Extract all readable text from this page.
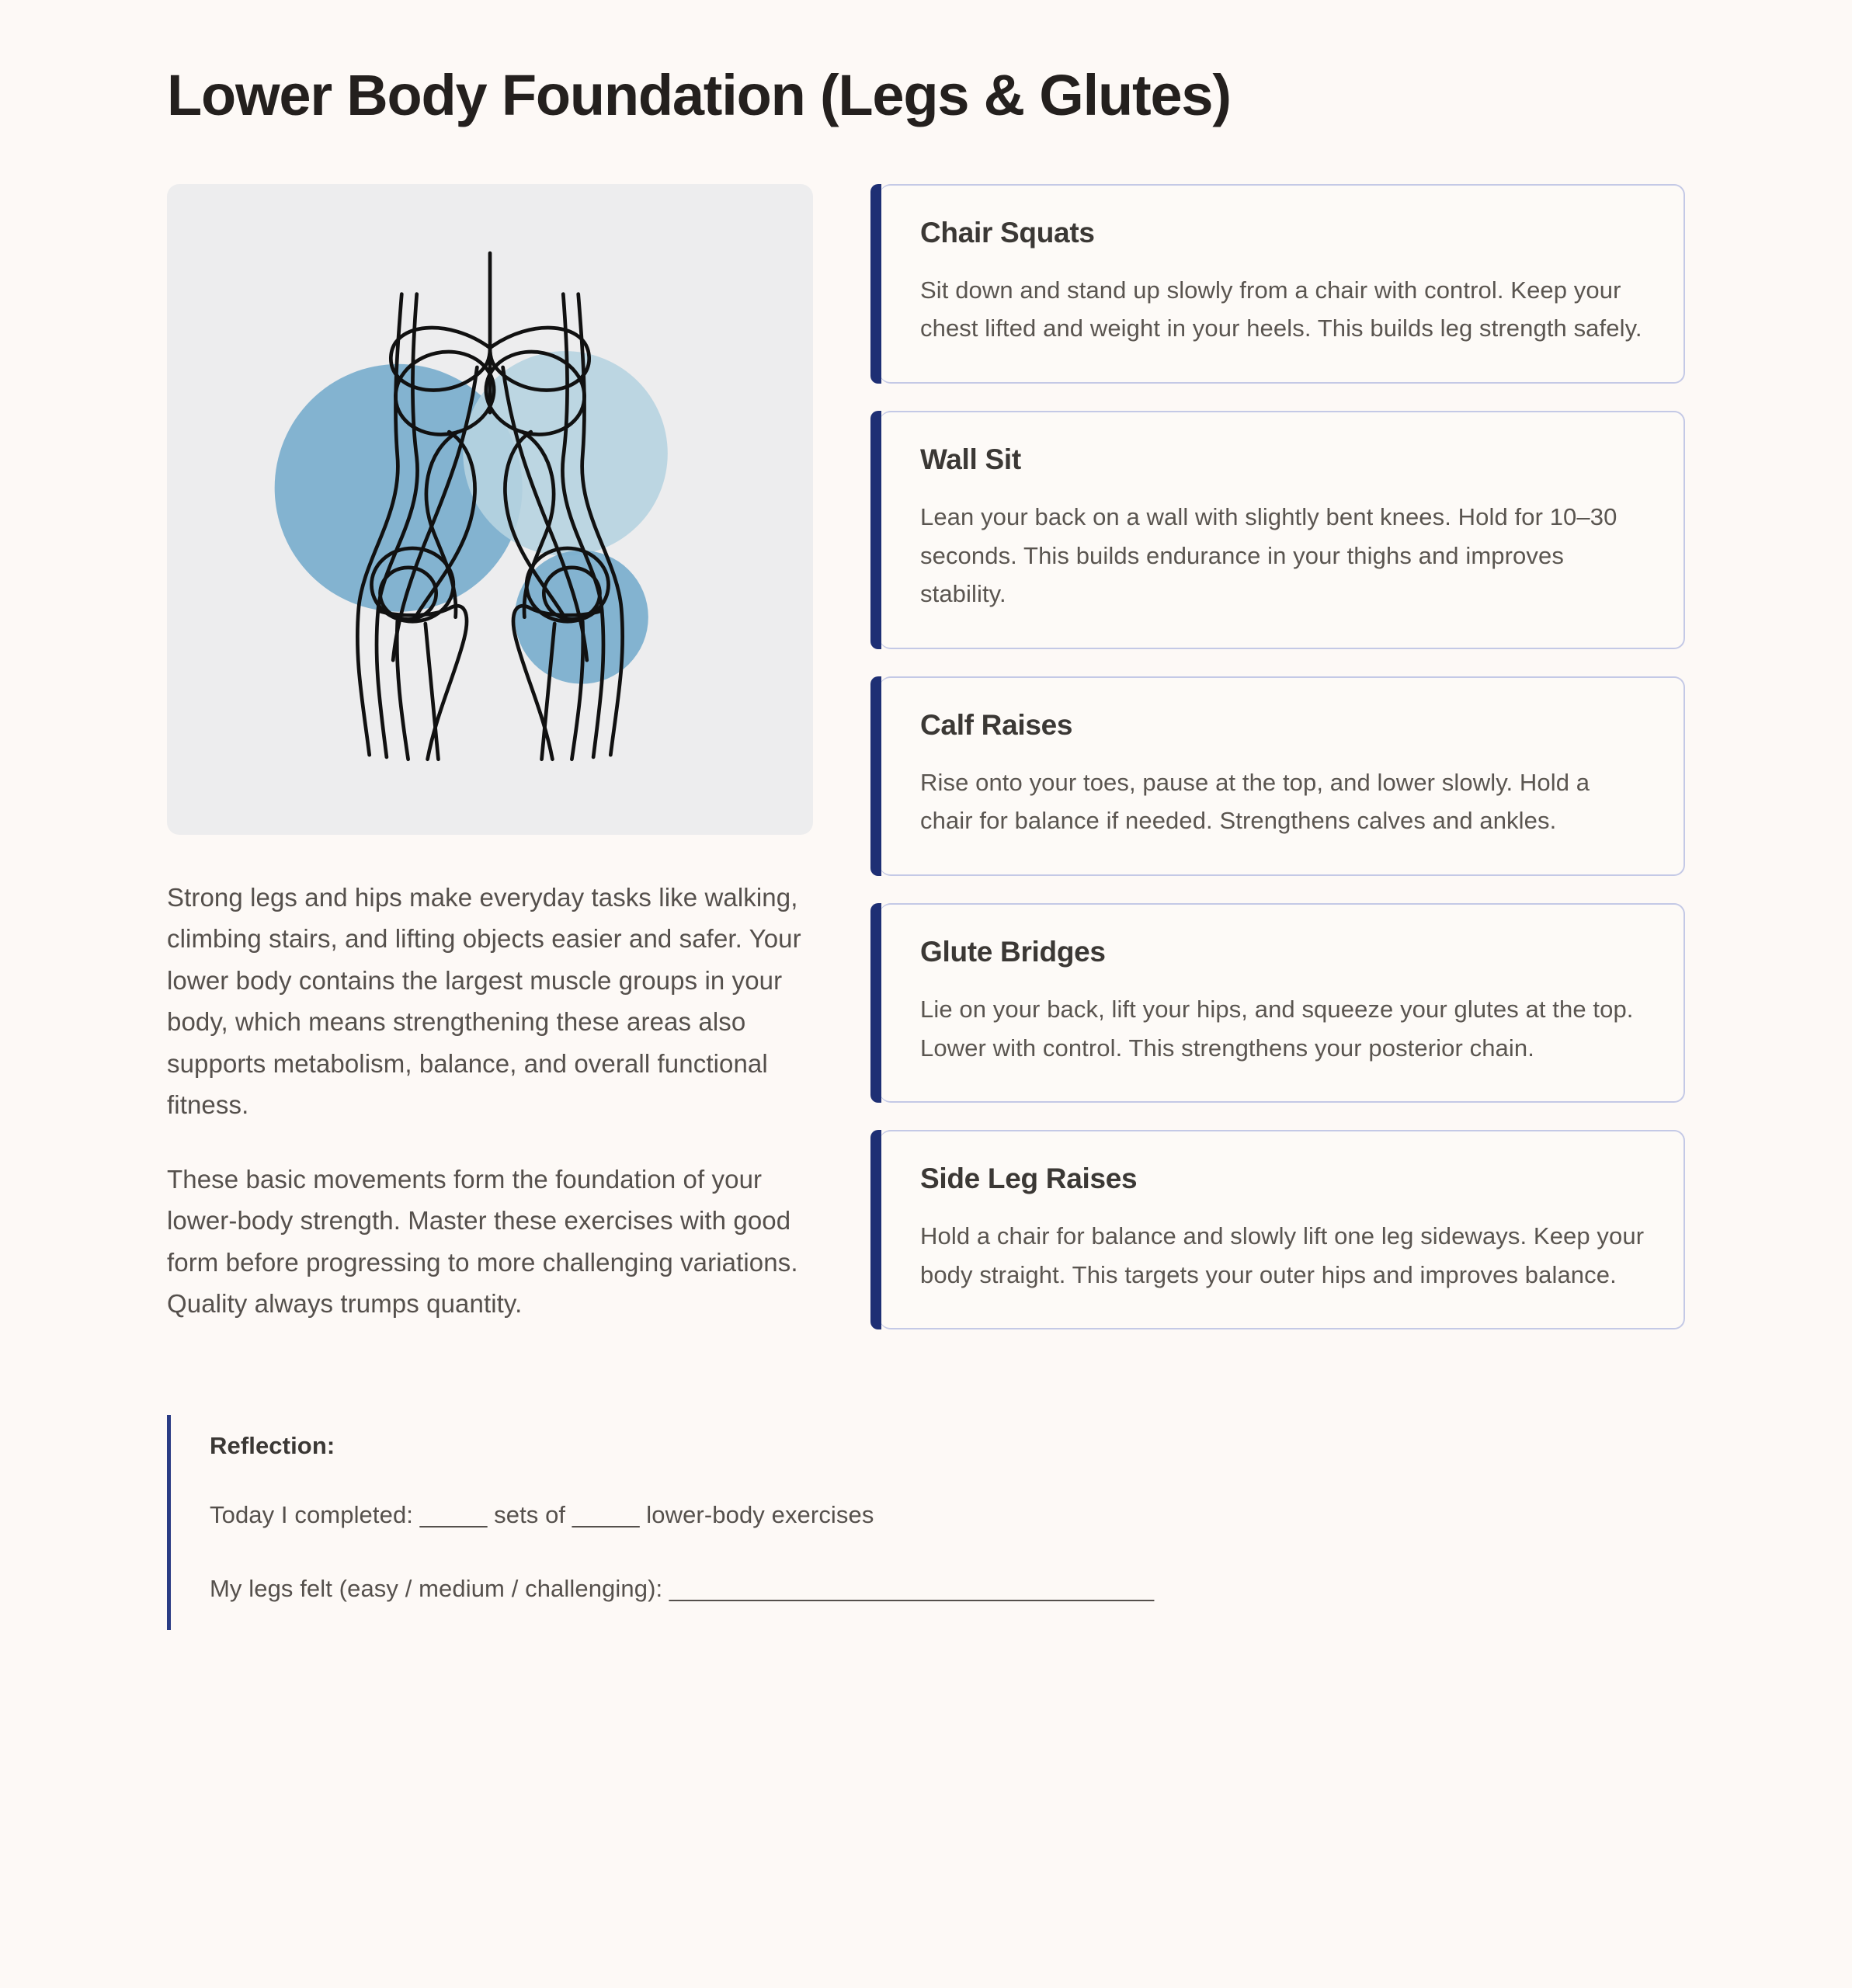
Lower Body Foundation (Legs & Glutes)

Strong legs and hips make everyday tasks like walking, climbing stairs, and lifting objects easier and safer. Your lower body contains the largest muscle groups in your body, which means strengthening these areas also supports metabolism, balance, and overall functional fitness.

These basic movements form the foundation of your lower-body strength. Master these exercises with good form before progressing to more challenging variations. Quality always trumps quantity.

Chair Squats

Sit down and stand up slowly from a chair with control. Keep your chest lifted and weight in your heels. This builds leg strength safely.

Wall Sit

Lean your back on a wall with slightly bent knees. Hold for 10–30 seconds. This builds endurance in your thighs and improves stability.

Calf Raises

Rise onto your toes, pause at the top, and lower slowly. Hold a chair for balance if needed. Strengthens calves and ankles.

Glute Bridges

Lie on your back, lift your hips, and squeeze your glutes at the top. Lower with control. This strengthens your posterior chain.

Side Leg Raises

Hold a chair for balance and slowly lift one leg sideways. Keep your body straight. This targets your outer hips and improves balance.

Reflection:

Today I completed: _____ sets of _____ lower-body exercises

My legs felt (easy / medium / challenging): ____________________________________
